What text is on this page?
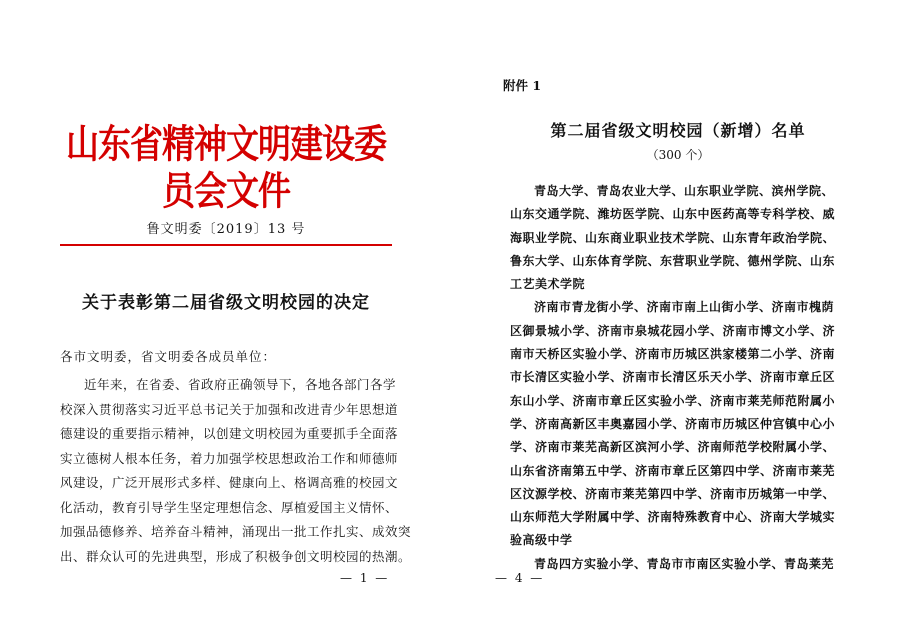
山东省精神文明建设委员会文件
鲁文明委〔2019〕13 号
关于表彰第二届省级文明校园的决定
各市文明委，省文明委各成员单位：
近年来，在省委、省政府正确领导下，各地各部门各学
校深入贯彻落实习近平总书记关于加强和改进青少年思想道
德建设的重要指示精神，以创建文明校园为重要抓手全面落
实立德树人根本任务，着力加强学校思想政治工作和师德师
风建设，广泛开展形式多样、健康向上、格调高雅的校园文
化活动，教育引导学生坚定理想信念、厚植爱国主义情怀、
加强品德修养、培养奋斗精神，涌现出一批工作扎实、成效突
出、群众认可的先进典型，形成了积极争创文明校园的热潮。
— 1 —
附件 1
第二届省级文明校园（新增）名单
（300 个）
青岛大学、青岛农业大学、山东职业学院、滨州学院、
山东交通学院、潍坊医学院、山东中医药高等专科学校、威
海职业学院、山东商业职业技术学院、山东青年政治学院、
鲁东大学、山东体育学院、东营职业学院、德州学院、山东
工艺美术学院
济南市青龙街小学、济南市南上山街小学、济南市槐荫
区御景城小学、济南市泉城花园小学、济南市博文小学、济
南市天桥区实验小学、济南市历城区洪家楼第二小学、济南
市长清区实验小学、济南市长清区乐天小学、济南市章丘区
东山小学、济南市章丘区实验小学、济南市莱芜师范附属小
学、济南高新区丰奥嘉园小学、济南市历城区仲宫镇中心小
学、济南市莱芜高新区滨河小学、济南师范学校附属小学、
山东省济南第五中学、济南市章丘区第四中学、济南市莱芜
区汶源学校、济南市莱芜第四中学、济南市历城第一中学、
山东师范大学附属中学、济南特殊教育中心、济南大学城实
验高级中学
青岛四方实验小学、青岛市市南区实验小学、青岛莱芜
— 4 —
